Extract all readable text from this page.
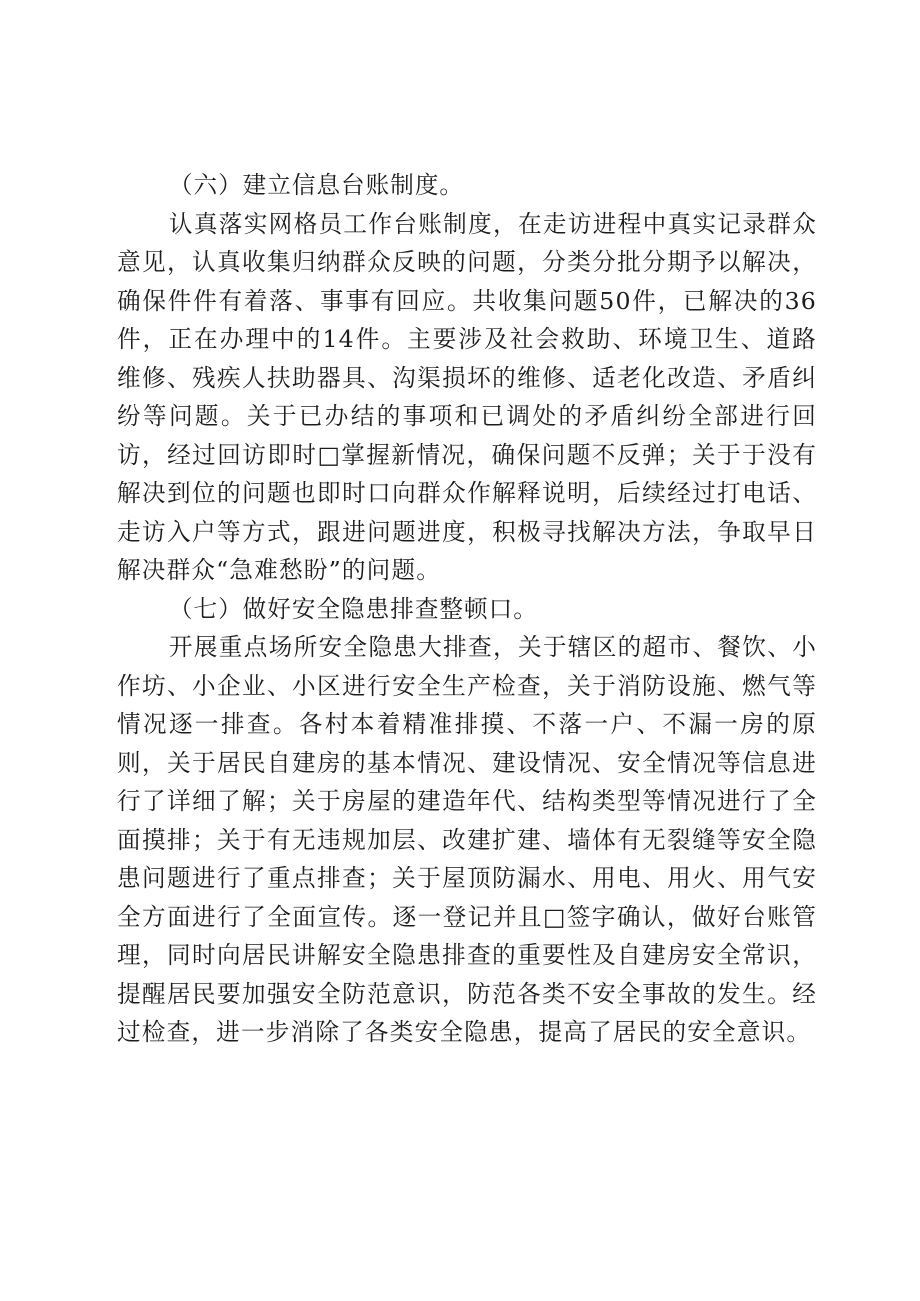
（六）建立信息台账制度。

认真落实网格员工作台账制度，在走访进程中真实记录群众意见，认真收集归纳群众反映的问题，分类分批分期予以解决，确保件件有着落、事事有回应。共收集问题50件，已解决的36件，正在办理中的14件。主要涉及社会救助、环境卫生、道路维修、残疾人扶助器具、沟渠损坏的维修、适老化改造、矛盾纠纷等问题。关于已办结的事项和已调处的矛盾纠纷全部进行回访，经过回访即时□掌握新情况，确保问题不反弹；关于于没有解决到位的问题也即时口向群众作解释说明，后续经过打电话、走访入户等方式，跟进问题进度，积极寻找解决方法，争取早日解决群众“急难愁盼”的问题。

（七）做好安全隐患排查整顿口。

开展重点场所安全隐患大排查，关于辖区的超市、餐饮、小作坊、小企业、小区进行安全生产检查，关于消防设施、燃气等情况逐一排查。各村本着精准排摸、不落一户、不漏一房的原则，关于居民自建房的基本情况、建设情况、安全情况等信息进行了详细了解；关于房屋的建造年代、结构类型等情况进行了全面摸排；关于有无违规加层、改建扩建、墙体有无裂缝等安全隐患问题进行了重点排查；关于屋顶防漏水、用电、用火、用气安全方面进行了全面宣传。逐一登记并且□签字确认，做好台账管理，同时向居民讲解安全隐患排查的重要性及自建房安全常识，提醒居民要加强安全防范意识，防范各类不安全事故的发生。经过检查，进一步消除了各类安全隐患，提高了居民的安全意识。
